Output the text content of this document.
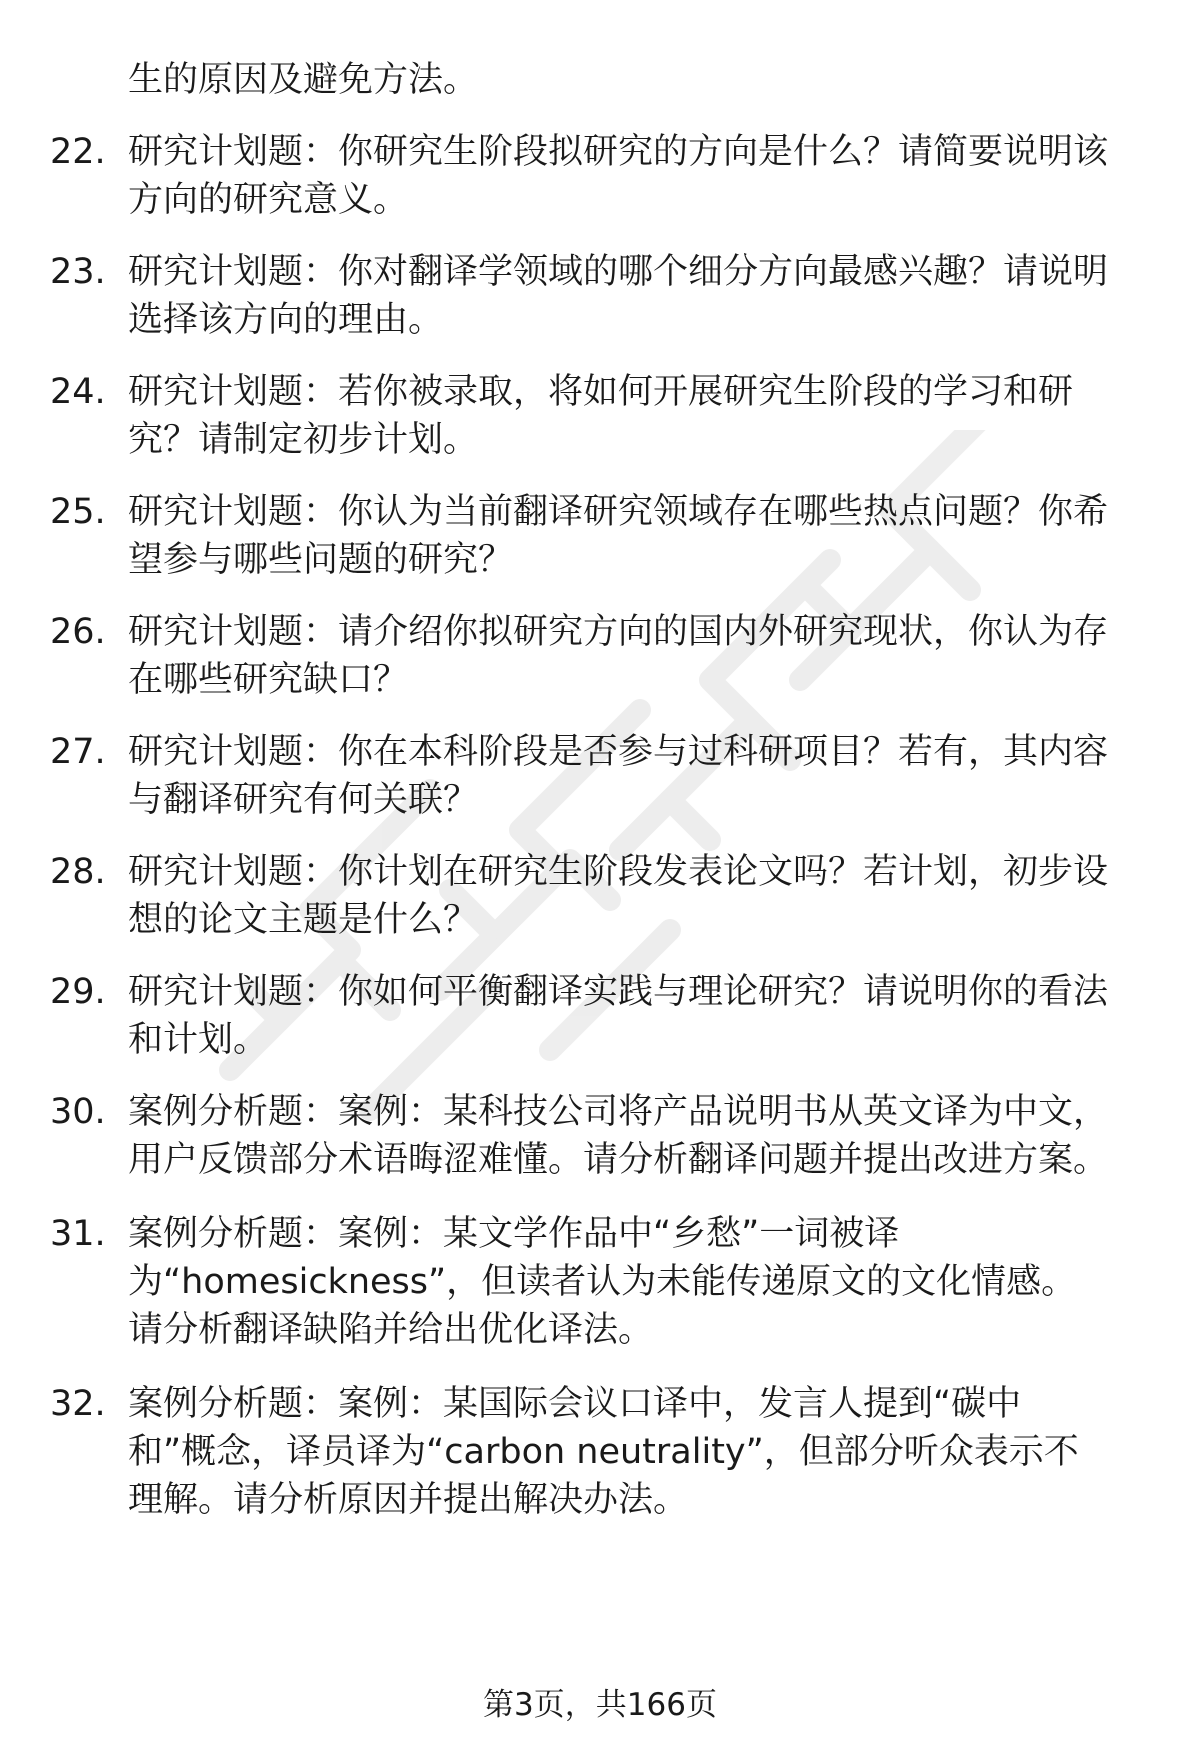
生的原因及避免方法。
22. 研究计划题：你研究生阶段拟研究的方向是什么？请简要说明该
方向的研究意义。
23. 研究计划题：你对翻译学领域的哪个细分方向最感兴趣？请说明
选择该方向的理由。
24. 研究计划题：若你被录取，将如何开展研究生阶段的学习和研
究？请制定初步计划。
25. 研究计划题：你认为当前翻译研究领域存在哪些热点问题？你希
望参与哪些问题的研究？
26. 研究计划题：请介绍你拟研究方向的国内外研究现状，你认为存
在哪些研究缺口？
27. 研究计划题：你在本科阶段是否参与过科研项目？若有，其内容
与翻译研究有何关联？
28. 研究计划题：你计划在研究生阶段发表论文吗？若计划，初步设
想的论文主题是什么？
29. 研究计划题：你如何平衡翻译实践与理论研究？请说明你的看法
和计划。
30. 案例分析题：案例：某科技公司将产品说明书从英文译为中文，
用户反馈部分术语晦涩难懂。请分析翻译问题并提出改进方案。
31. 案例分析题：案例：某文学作品中“乡愁”一词被译
为“homesickness”，但读者认为未能传递原文的文化情感。
请分析翻译缺陷并给出优化译法。
32. 案例分析题：案例：某国际会议口译中，发言人提到“碳中
和”概念，译员译为“carbon neutrality”，但部分听众表示不
理解。请分析原因并提出解决办法。
第3页，共166页
